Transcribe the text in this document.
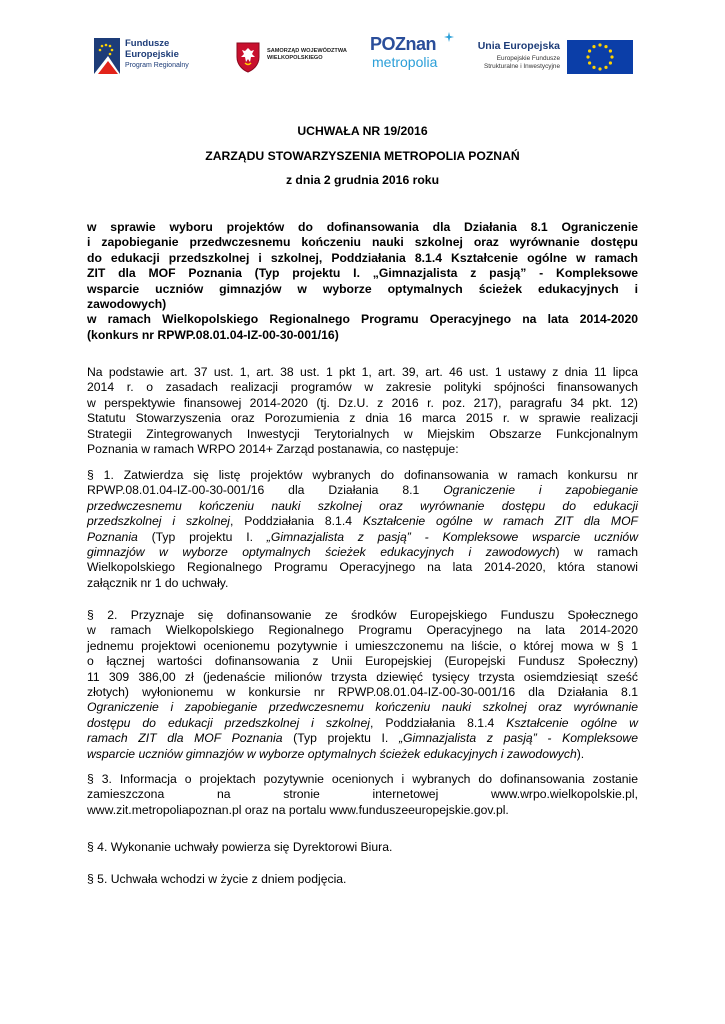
Fundusze
Europejskie
Program Regionalny
SAMORZĄD WOJEWÓDZTWA
WIELKOPOLSKIEGO
POZnan
metropolia
Unia Europejska
Europejskie Fundusze
Strukturalne i Inwestycyjne
UCHWAŁA NR 19/2016
ZARZĄDU STOWARZYSZENIA METROPOLIA POZNAŃ
z dnia 2 grudnia 2016 roku
w sprawie wyboru projektów do dofinansowania dla Działania 8.1 Ograniczenie
i zapobieganie przedwczesnemu kończeniu nauki szkolnej oraz wyrównanie dostępu
do edukacji przedszkolnej i szkolnej, Poddziałania 8.1.4 Kształcenie ogólne w ramach
ZIT dla MOF Poznania (Typ projektu I. „Gimnazjalista z pasją” - Kompleksowe
wsparcie uczniów gimnazjów w wyborze optymalnych ścieżek edukacyjnych i
zawodowych)
w ramach Wielkopolskiego Regionalnego Programu Operacyjnego na lata 2014-2020
(konkurs nr RPWP.08.01.04-IZ-00-30-001/16)
Na podstawie art. 37 ust. 1, art. 38 ust. 1 pkt 1, art. 39, art. 46 ust. 1 ustawy z dnia 11 lipca
2014 r. o zasadach realizacji programów w zakresie polityki spójności finansowanych
w perspektywie finansowej 2014-2020 (tj. Dz.U. z 2016 r. poz. 217), paragrafu 34 pkt. 12)
Statutu Stowarzyszenia oraz Porozumienia z dnia 16 marca 2015 r. w sprawie realizacji
Strategii Zintegrowanych Inwestycji Terytorialnych w Miejskim Obszarze Funkcjonalnym
Poznania w ramach WRPO 2014+ Zarząd postanawia, co następuje:
§ 1. Zatwierdza się listę projektów wybranych do dofinansowania w ramach konkursu nr
RPWP.08.01.04-IZ-00-30-001/16 dla Działania 8.1 Ograniczenie i zapobieganie
przedwczesnemu kończeniu nauki szkolnej oraz wyrównanie dostępu do edukacji
przedszkolnej i szkolnej, Poddziałania 8.1.4 Kształcenie ogólne w ramach ZIT dla MOF
Poznania (Typ projektu I. „Gimnazjalista z pasją” - Kompleksowe wsparcie uczniów
gimnazjów w wyborze optymalnych ścieżek edukacyjnych i zawodowych) w ramach
Wielkopolskiego Regionalnego Programu Operacyjnego na lata 2014-2020, która stanowi
załącznik nr 1 do uchwały.
§ 2. Przyznaje się dofinansowanie ze środków Europejskiego Funduszu Społecznego
w ramach Wielkopolskiego Regionalnego Programu Operacyjnego na lata 2014-2020
jednemu projektowi ocenionemu pozytywnie i umieszczonemu na liście, o której mowa w § 1
o łącznej wartości dofinansowania z Unii Europejskiej (Europejski Fundusz Społeczny)
11 309 386,00 zł (jedenaście milionów trzysta dziewięć tysięcy trzysta osiemdziesiąt sześć
złotych) wyłonionemu w konkursie nr RPWP.08.01.04-IZ-00-30-001/16 dla Działania 8.1
Ograniczenie i zapobieganie przedwczesnemu kończeniu nauki szkolnej oraz wyrównanie
dostępu do edukacji przedszkolnej i szkolnej, Poddziałania 8.1.4 Kształcenie ogólne w
ramach ZIT dla MOF Poznania (Typ projektu I. „Gimnazjalista z pasją” - Kompleksowe
wsparcie uczniów gimnazjów w wyborze optymalnych ścieżek edukacyjnych i zawodowych).
§ 3. Informacja o projektach pozytywnie ocenionych i wybranych do dofinansowania zostanie
zamieszczona na stronie internetowej www.wrpo.wielkopolskie.pl,
www.zit.metropoliapoznan.pl oraz na portalu www.funduszeeuropejskie.gov.pl.
§ 4. Wykonanie uchwały powierza się Dyrektorowi Biura.
§ 5. Uchwała wchodzi w życie z dniem podjęcia.
